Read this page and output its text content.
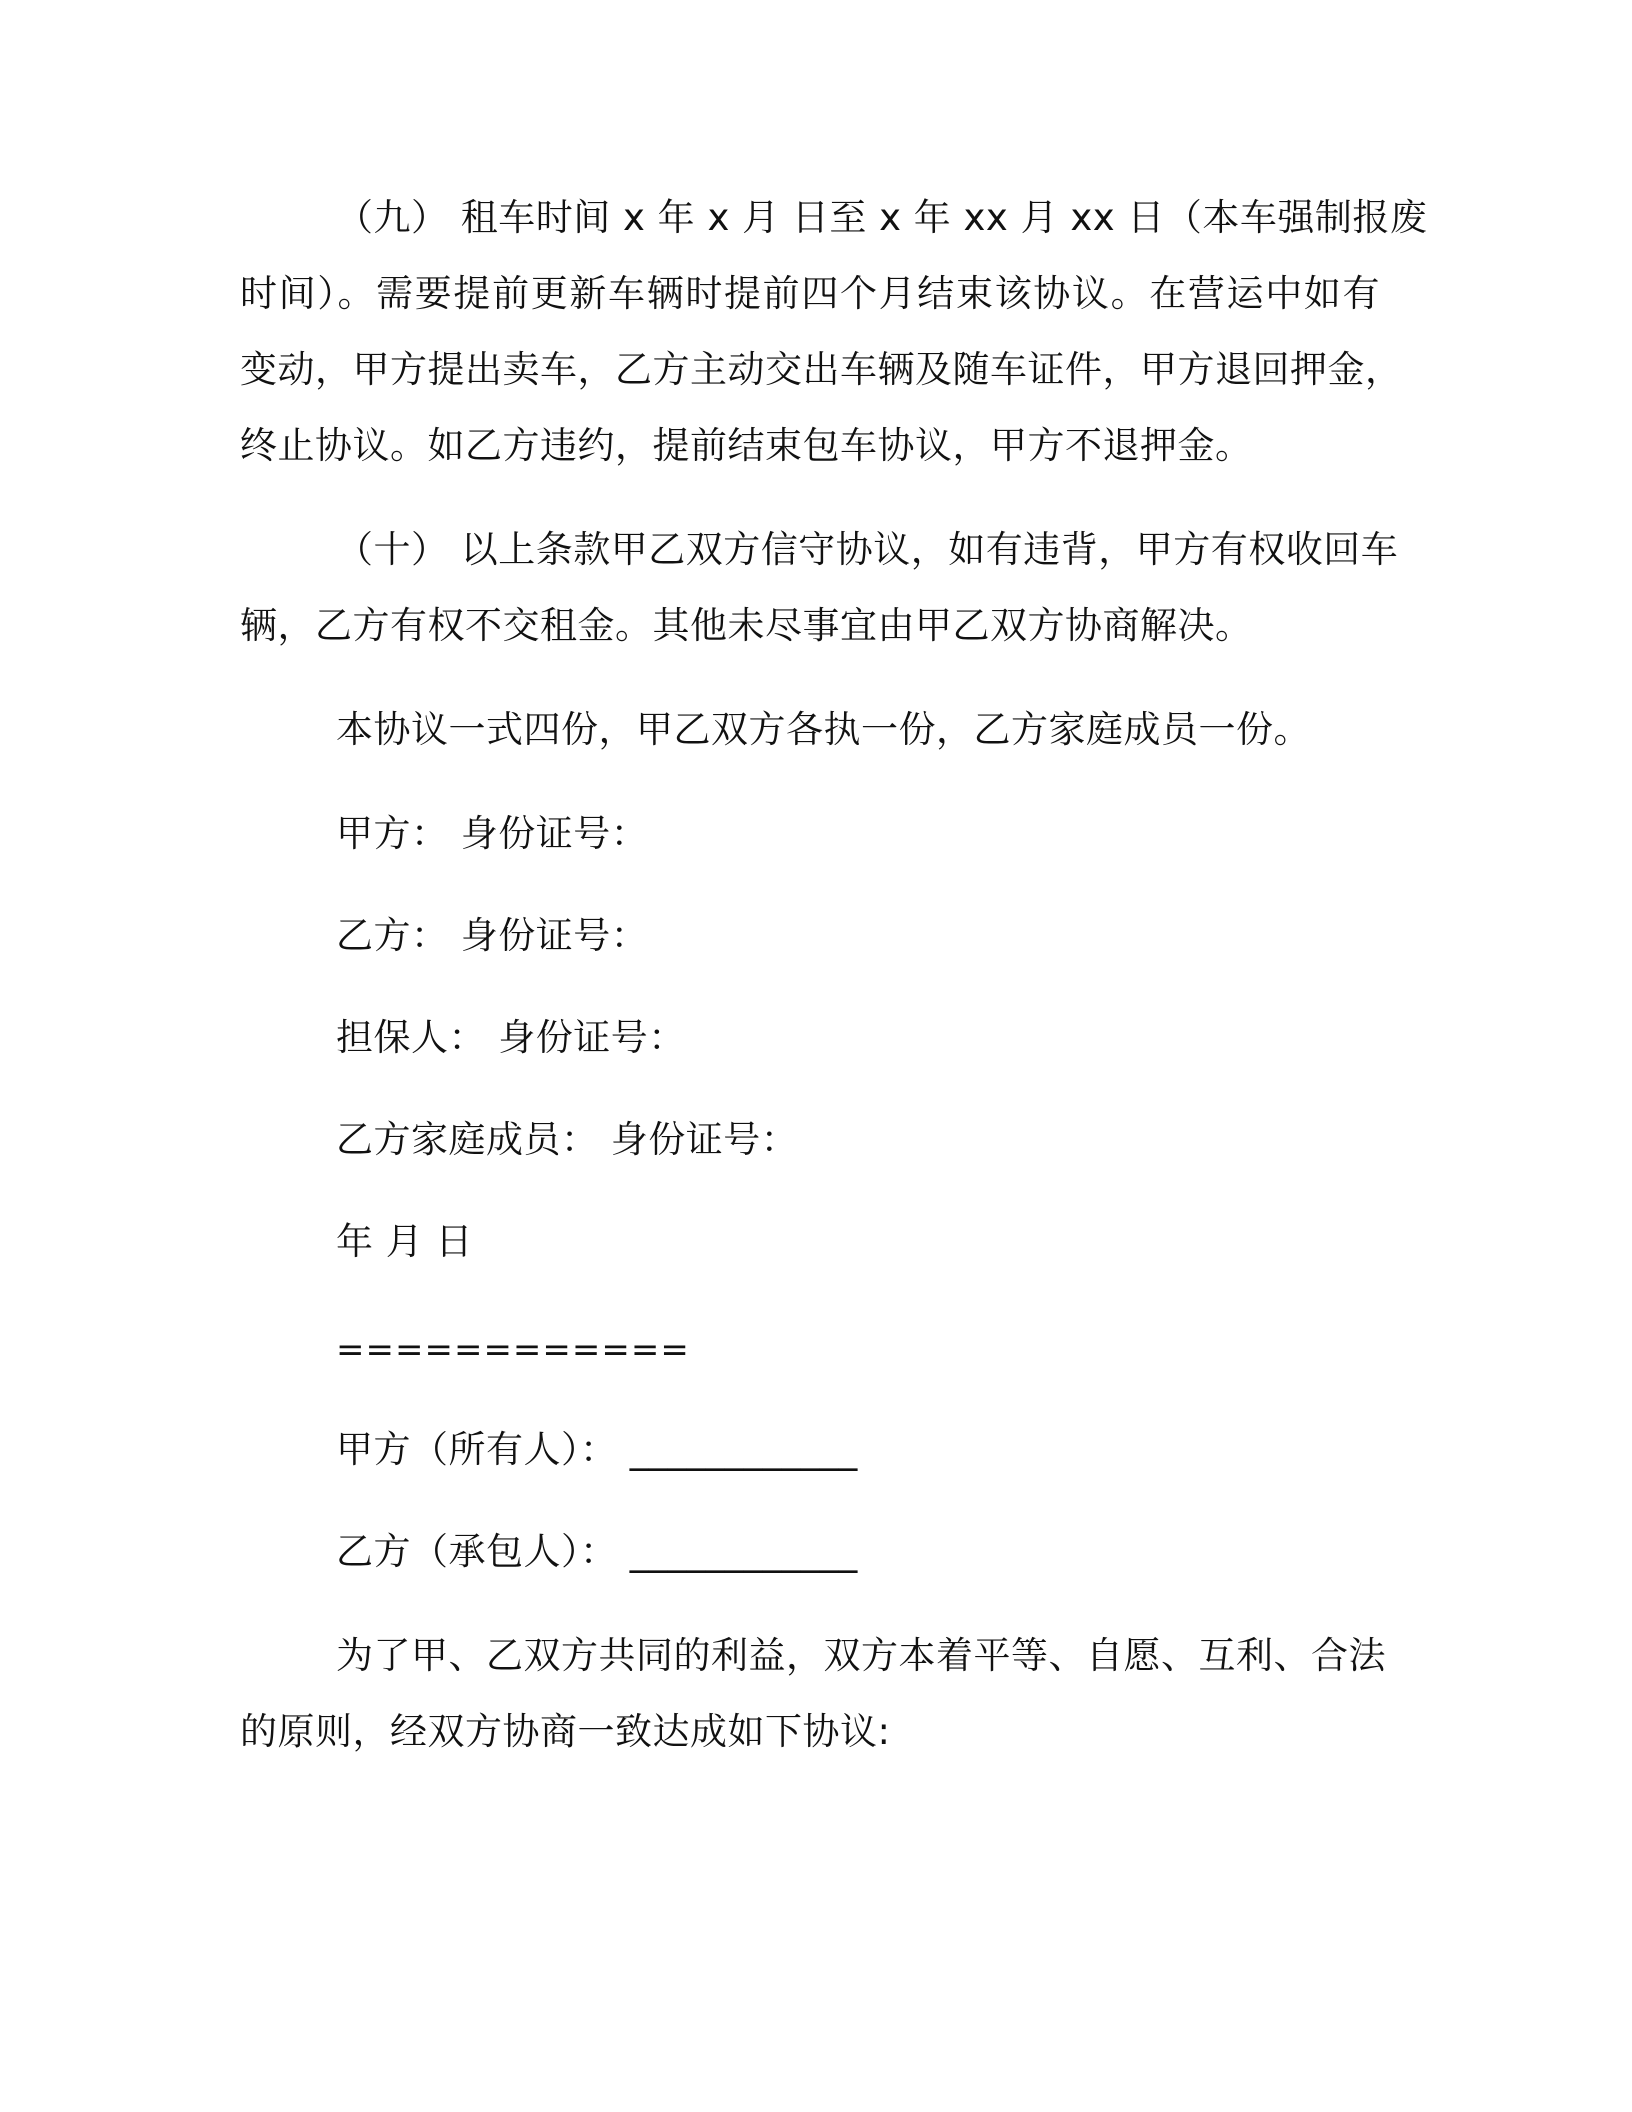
（九） 租车时间 x 年 x 月 日至 x 年 xx 月 xx 日（本车强制报废
时间）。需要提前更新车辆时提前四个月结束该协议。在营运中如有
变动，甲方提出卖车，乙方主动交出车辆及随车证件，甲方退回押金，
终止协议。如乙方违约，提前结束包车协议，甲方不退押金。
（十） 以上条款甲乙双方信守协议，如有违背，甲方有权收回车
辆，乙方有权不交租金。其他未尽事宜由甲乙双方协商解决。
本协议一式四份，甲乙双方各执一份，乙方家庭成员一份。
甲方： 身份证号：
乙方： 身份证号：
担保人： 身份证号：
乙方家庭成员： 身份证号：
年 月 日
============
甲方（所有人）： ____________
乙方（承包人）： ____________
为了甲、乙双方共同的利益，双方本着平等、自愿、互利、合法
的原则，经双方协商一致达成如下协议:
